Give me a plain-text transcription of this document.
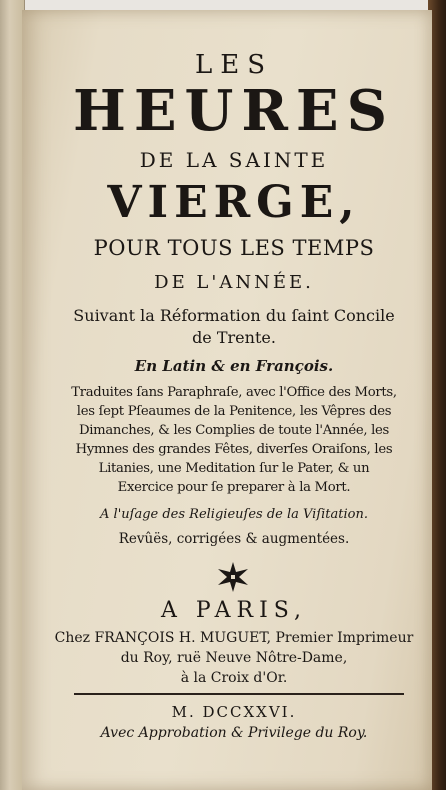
LES
HEURES
DE LA SAINTE
VIERGE,
POUR TOUS LES TEMPS
DE L'ANNÉE.
Suivant la Réformation du ſaint Concile
de Trente.
En Latin & en François.
Traduites ſans Paraphraſe, avec l'Office des Morts,
les ſept Pſeaumes de la Penitence, les Vêpres des
Dimanches, & les Complies de toute l'Année, les
Hymnes des grandes Fêtes, diverſes Oraiſons, les
Litanies, une Meditation ſur le Pater, & un
Exercice pour ſe preparer à la Mort.
A l'uſage des Religieuſes de la Viſitation.
Revûës, corrigées & augmentées.
A PARIS,
Chez FRANÇOIS H. MUGUET, Premier Imprimeur
du Roy, ruë Neuve Nôtre-Dame,
à la Croix d'Or.
M. DCCXXVI.
Avec Approbation & Privilege du Roy.
